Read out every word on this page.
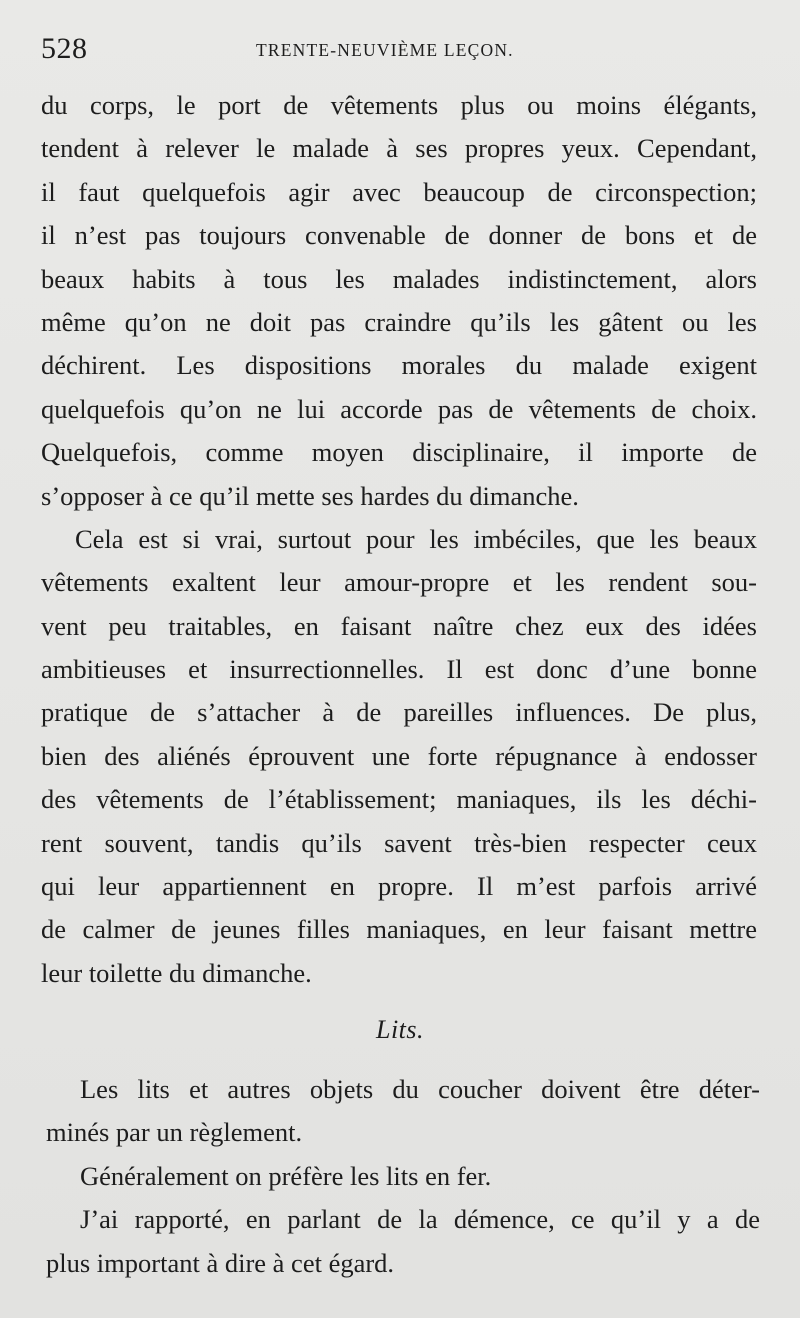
528	TRENTE-NEUVIÈME LEÇON.
du corps, le port de vêtements plus ou moins élégants,
tendent à relever le malade à ses propres yeux. Cependant,
il faut quelquefois agir avec beaucoup de circonspection;
il n’est pas toujours convenable de donner de bons et de
beaux habits à tous les malades indistinctement, alors
même qu’on ne doit pas craindre qu’ils les gâtent ou les
déchirent. Les dispositions morales du malade exigent
quelquefois qu’on ne lui accorde pas de vêtements de choix.
Quelquefois, comme moyen disciplinaire, il importe de
s’opposer à ce qu’il mette ses hardes du dimanche.
Cela est si vrai, surtout pour les imbéciles, que les beaux
vêtements exaltent leur amour-propre et les rendent sou-
vent peu traitables, en faisant naître chez eux des idées
ambitieuses et insurrectionnelles. Il est donc d’une bonne
pratique de s’attacher à de pareilles influences. De plus,
bien des aliénés éprouvent une forte répugnance à endosser
des vêtements de l’établissement; maniaques, ils les déchi-
rent souvent, tandis qu’ils savent très-bien respecter ceux
qui leur appartiennent en propre. Il m’est parfois arrivé
de calmer de jeunes filles maniaques, en leur faisant mettre
leur toilette du dimanche.
Lits.
Les lits et autres objets du coucher doivent être déter-
minés par un règlement.
Généralement on préfère les lits en fer.
J’ai rapporté, en parlant de la démence, ce qu’il y a de
plus important à dire à cet égard.
